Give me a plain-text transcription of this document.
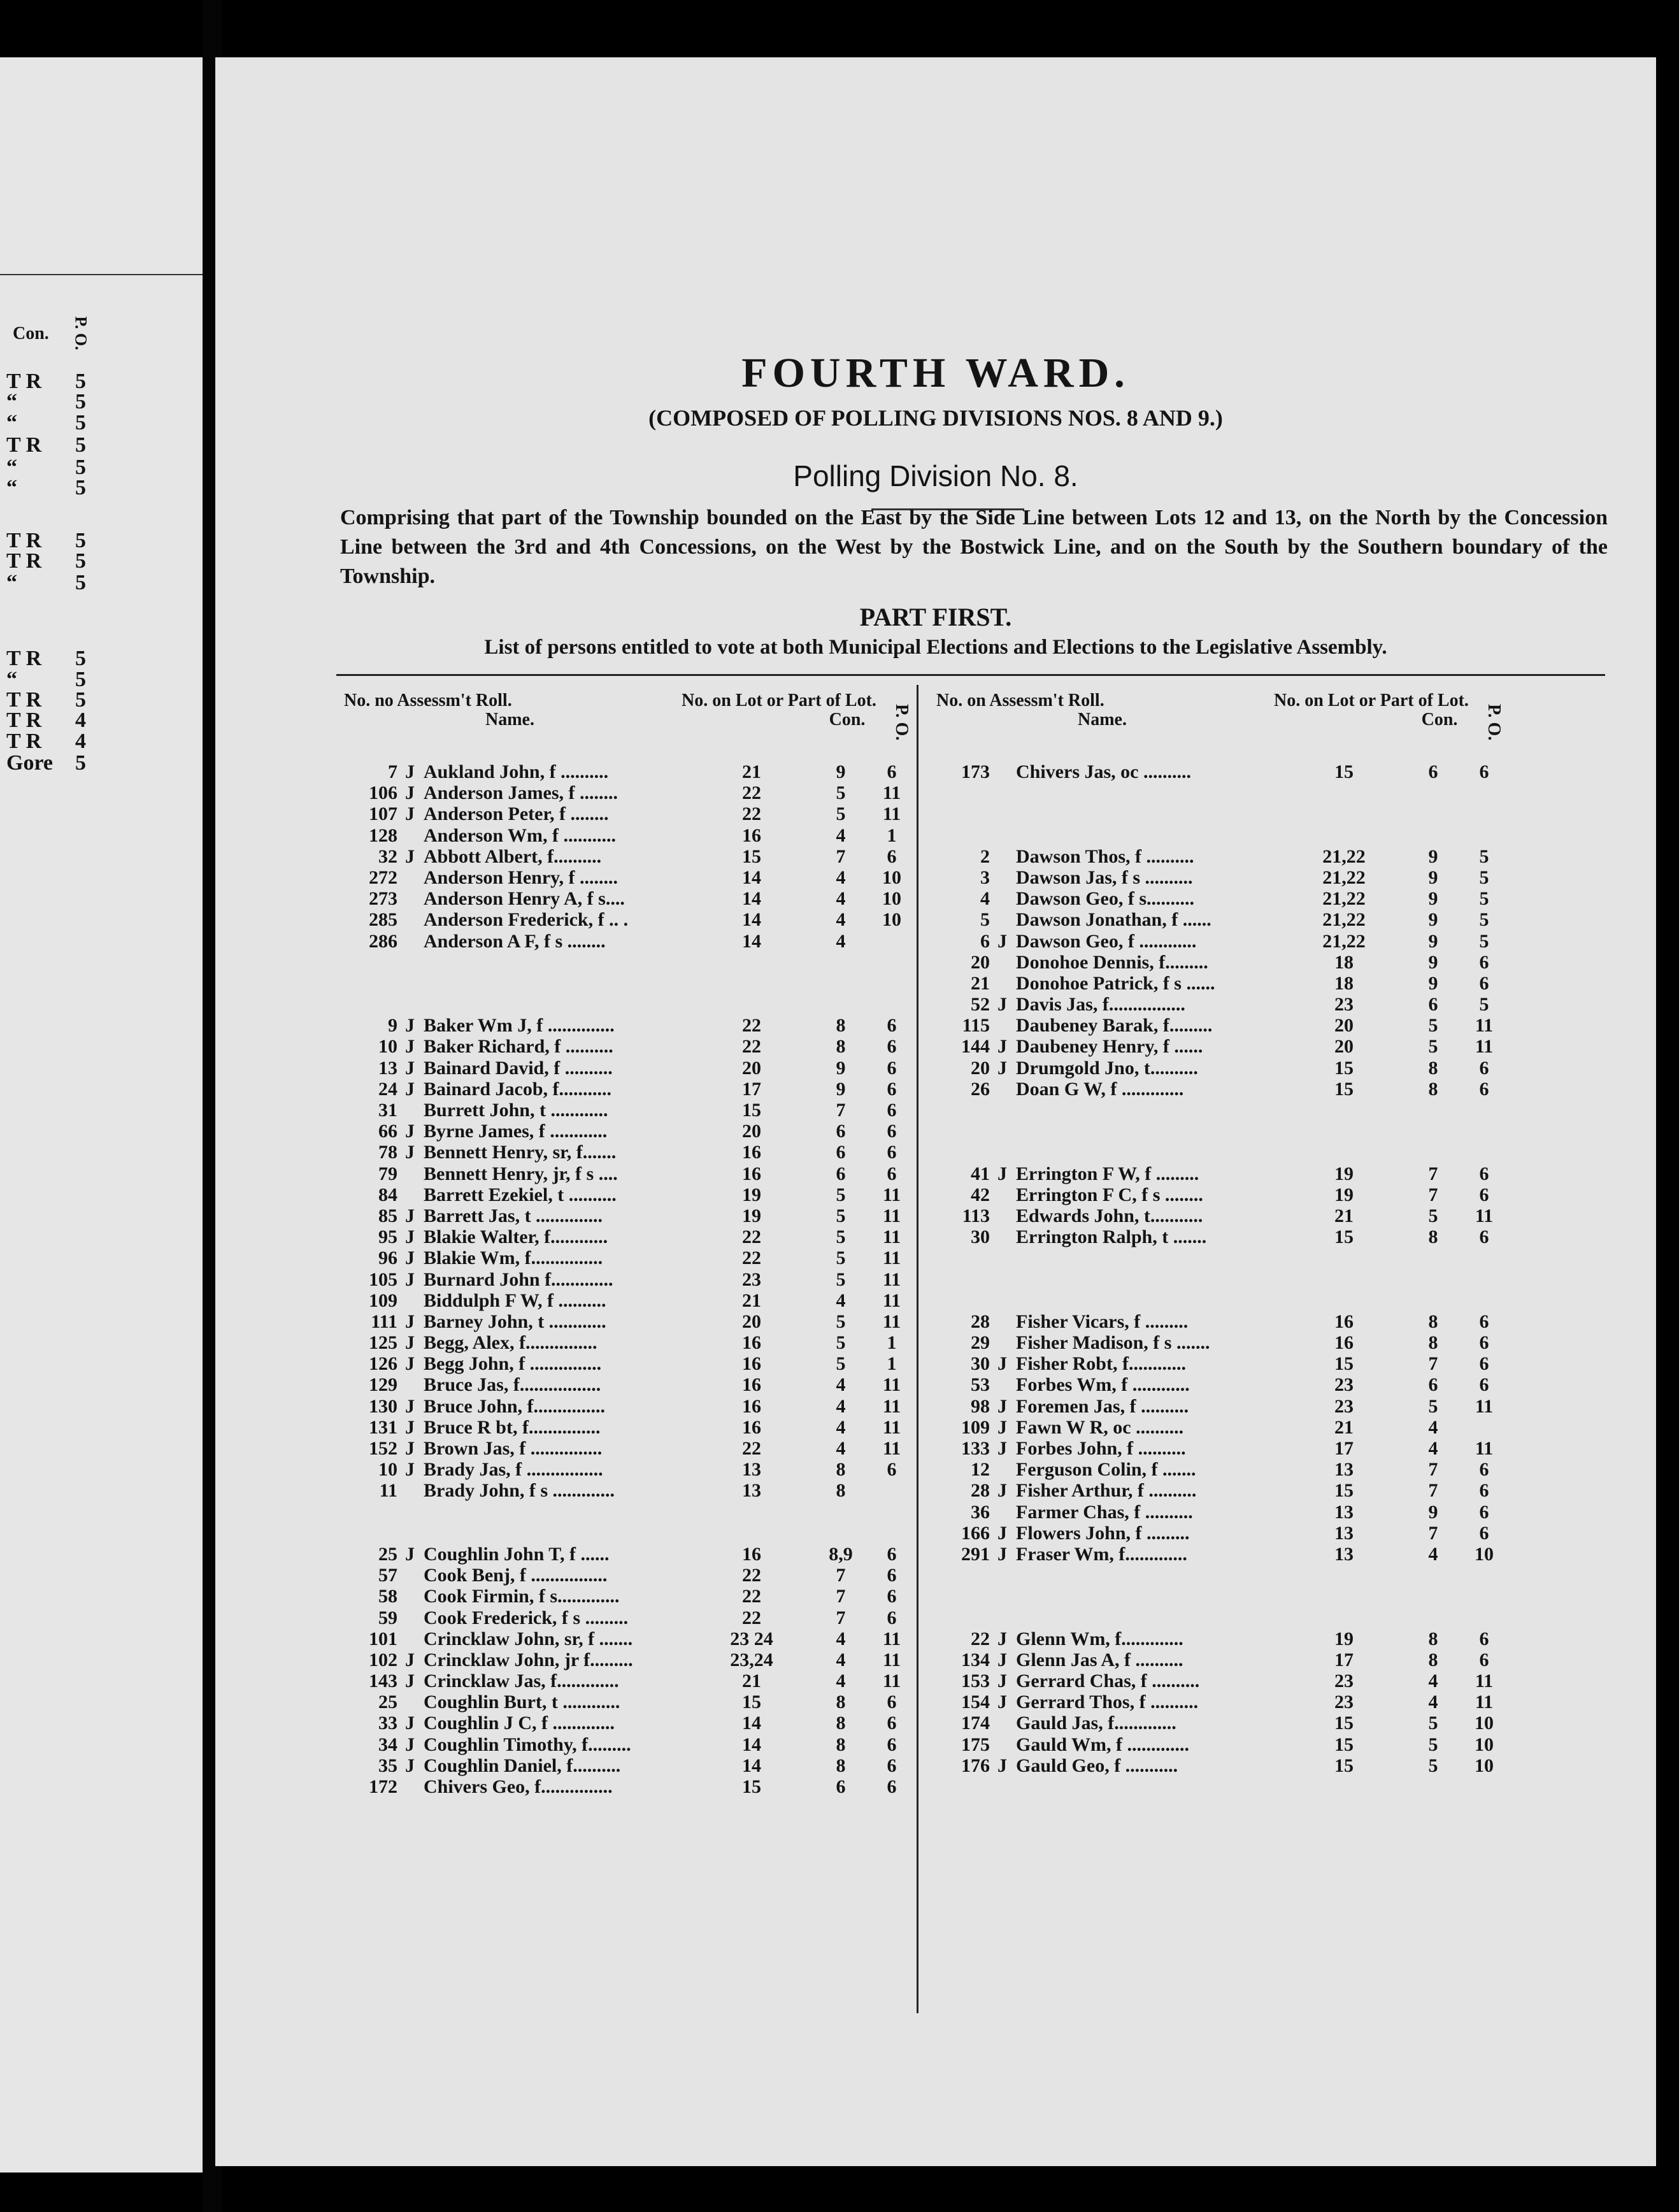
Con. P. O.
T R 5
“	5
“	5
T R 5
“	5
“	5
T R 5
T R 5
“	5
T R 5
“	5
T R 5
T R 4
T R 4
Gore 5
FOURTH WARD.
(COMPOSED OF POLLING DIVISIONS NOS. 8 AND 9.)
Polling Division No. 8.
Comprising that part of the Township bounded on the East by the Side Line between Lots 12 and 13, on the North by the Concession Line between the 3rd and 4th Concessions, on the West by the Bostwick Line, and on the South by the Southern boundary of the Township.
PART FIRST.
List of persons entitled to vote at both Municipal Elections and Elections to the Legislative Assembly.
No. no Assessm't Roll.
Name.
No. on Lot or Part of Lot.
Con.	P. O.
7 J Aukland John, f ..........	21	9	6
106 J Anderson James, f ........	22	5	11
107 J Anderson Peter, f ........	22	5	11
128 Anderson Wm, f ...........	16	4	1
32 J Abbott Albert, f..........	15	7	6
272 Anderson Henry, f ........	14	4	10
273 Anderson Henry A, f s....	14	4	10
285 Anderson Frederick, f .. .	14	4	10
286 Anderson A F, f s ........	14	4
9 J Baker Wm J, f ..............	22	8	6
10 J Baker Richard, f ..........	22	8	6
13 J Bainard David, f ..........	20	9	6
24 J Bainard Jacob, f...........	17	9	6
31 Burrett John, t ............	15	7	6
66 J Byrne James, f ............	20	6	6
78 J Bennett Henry, sr, f.......	16	6	6
79 Bennett Henry, jr, f s ....	16	6	6
84 Barrett Ezekiel, t ..........	19	5	11
85 J Barrett Jas, t ..............	19	5	11
95 J Blakie Walter, f............	22	5	11
96 J Blakie Wm, f...............	22	5	11
105 J Burnard John f.............	23	5	11
109 Biddulph F W, f ..........	21	4	11
111 J Barney John, t ............	20	5	11
125 J Begg, Alex, f...............	16	5	1
126 J Begg John, f ...............	16	5	1
129 Bruce Jas, f.................	16	4	11
130 J Bruce John, f...............	16	4	11
131 J Bruce R bt, f...............	16	4	11
152 J Brown Jas, f ...............	22	4	11
10 J Brady Jas, f ................	13	8	6
11 Brady John, f s .............	13	8
25 J Coughlin John T, f ......	16	8,9	6
57 Cook Benj, f ................	22	7	6
58 Cook Firmin, f s.............	22	7	6
59 Cook Frederick, f s .........	22	7	6
101 Crincklaw John, sr, f .......	23 24	4	11
102 J Crincklaw John, jr f.........	23,24	4	11
143 J Crincklaw Jas, f.............	21	4	11
25 Coughlin Burt, t ............	15	8	6
33 J Coughlin J C, f .............	14	8	6
34 J Coughlin Timothy, f.........	14	8	6
35 J Coughlin Daniel, f..........	14	8	6
172 Chivers Geo, f...............	15	6	6
No. on Assessm't Roll.
Name.
No. on Lot or Part of Lot.
Con.	P. O.
173 Chivers Jas, oc ..........	15	6	6
2 Dawson Thos, f ..........	21,22	9	5
3 Dawson Jas, f s ..........	21,22	9	5
4 Dawson Geo, f s..........	21,22	9	5
5 Dawson Jonathan, f ......	21,22	9	5
6 J Dawson Geo, f ............	21,22	9	5
20 Donohoe Dennis, f.........	18	9	6
21 Donohoe Patrick, f s ......	18	9	6
52 J Davis Jas, f................	23	6	5
115 Daubeney Barak, f.........	20	5	11
144 J Daubeney Henry, f ......	20	5	11
20 J Drumgold Jno, t..........	15	8	6
26 Doan G W, f .............	15	8	6
41 J Errington F W, f .........	19	7	6
42 Errington F C, f s ........	19	7	6
113 Edwards John, t...........	21	5	11
30 Errington Ralph, t .......	15	8	6
28 Fisher Vicars, f .........	16	8	6
29 Fisher Madison, f s .......	16	8	6
30 J Fisher Robt, f............	15	7	6
53 Forbes Wm, f ............	23	6	6
98 J Foremen Jas, f ..........	23	5	11
109 J Fawn W R, oc ..........	21	4
133 J Forbes John, f ..........	17	4	11
12 Ferguson Colin, f .......	13	7	6
28 J Fisher Arthur, f ..........	15	7	6
36 Farmer Chas, f ..........	13	9	6
166 J Flowers John, f .........	13	7	6
291 J Fraser Wm, f.............	13	4	10
22 J Glenn Wm, f.............	19	8	6
134 J Glenn Jas A, f ..........	17	8	6
153 J Gerrard Chas, f ..........	23	4	11
154 J Gerrard Thos, f ..........	23	4	11
174 Gauld Jas, f.............	15	5	10
175 Gauld Wm, f .............	15	5	10
176 J Gauld Geo, f ...........	15	5	10
